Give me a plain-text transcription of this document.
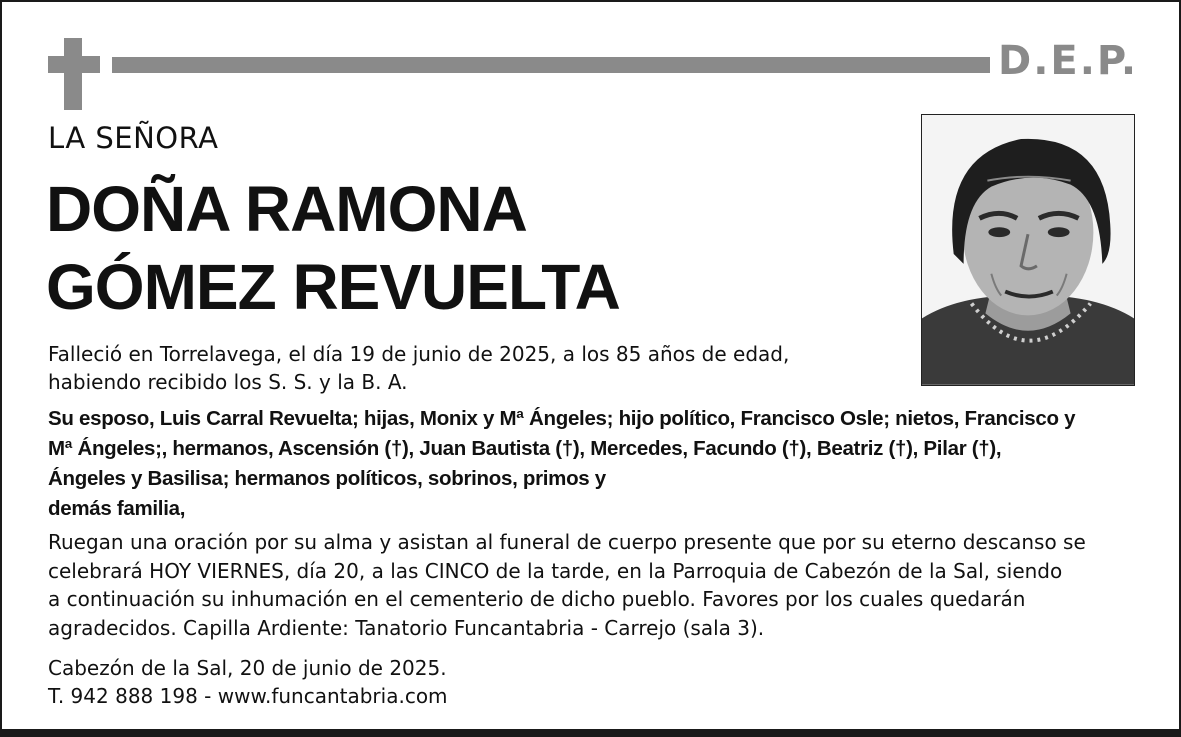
D.E.P.
LA SEÑORA
DOÑA RAMONA
GÓMEZ REVUELTA
Falleció en Torrelavega, el día 19 de junio de 2025, a los 85 años de edad,
habiendo recibido los S. S. y la B. A.
Su esposo, Luis Carral Revuelta; hijas, Monix y Mª Ángeles; hijo político, Francisco Osle; nietos, Francisco y
Mª Ángeles;, hermanos, Ascensión (†), Juan Bautista (†), Mercedes, Facundo (†), Beatriz (†), Pilar (†),
Ángeles y Basilisa; hermanos políticos, sobrinos, primos y
demás familia,
Ruegan una oración por su alma y asistan al funeral de cuerpo presente que por su eterno descanso se
celebrará HOY VIERNES, día 20, a las CINCO de la tarde, en la Parroquia de Cabezón de la Sal, siendo
a continuación su inhumación en el cementerio de dicho pueblo. Favores por los cuales quedarán
agradecidos. Capilla Ardiente: Tanatorio Funcantabria - Carrejo (sala 3).
Cabezón de la Sal, 20 de junio de 2025.
T. 942 888 198 - www.funcantabria.com
